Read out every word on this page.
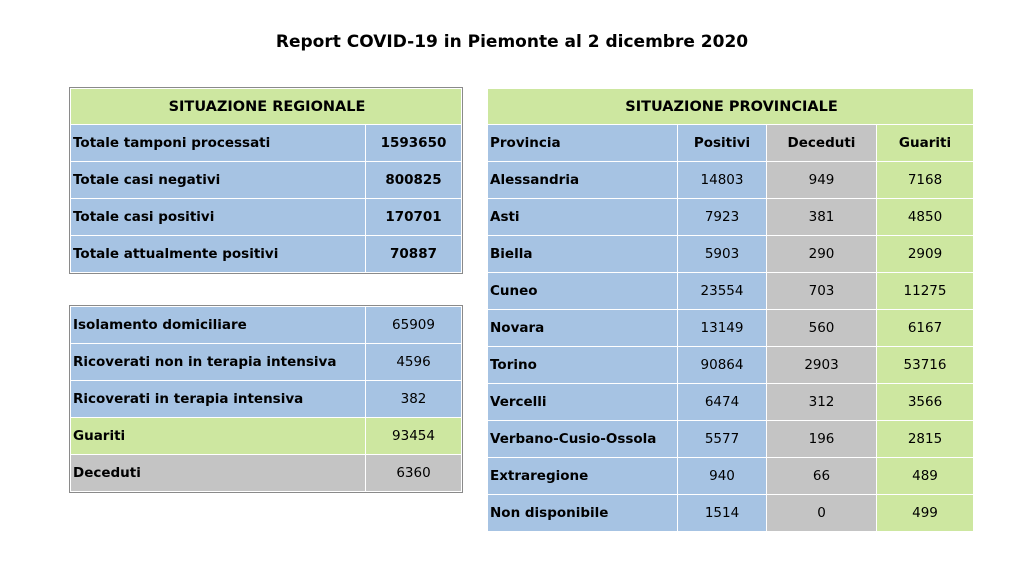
Report COVID-19 in Piemonte al 2 dicembre 2020
SITUAZIONE REGIONALE	
Totale tamponi processati	1593650
Totale casi negativi	800825
Totale casi positivi	170701
Totale attualmente positivi	70887
Isolamento domiciliare	65909
Ricoverati non in terapia intensiva	4596
Ricoverati in terapia intensiva	382
Guariti	93454
Deceduti	6360
SITUAZIONE PROVINCIALE			
Provincia	Positivi	Deceduti	Guariti
Alessandria	14803	949	7168
Asti	7923	381	4850
Biella	5903	290	2909
Cuneo	23554	703	11275
Novara	13149	560	6167
Torino	90864	2903	53716
Vercelli	6474	312	3566
Verbano-Cusio-Ossola	5577	196	2815
Extraregione	940	66	489
Non disponibile	1514	0	499
